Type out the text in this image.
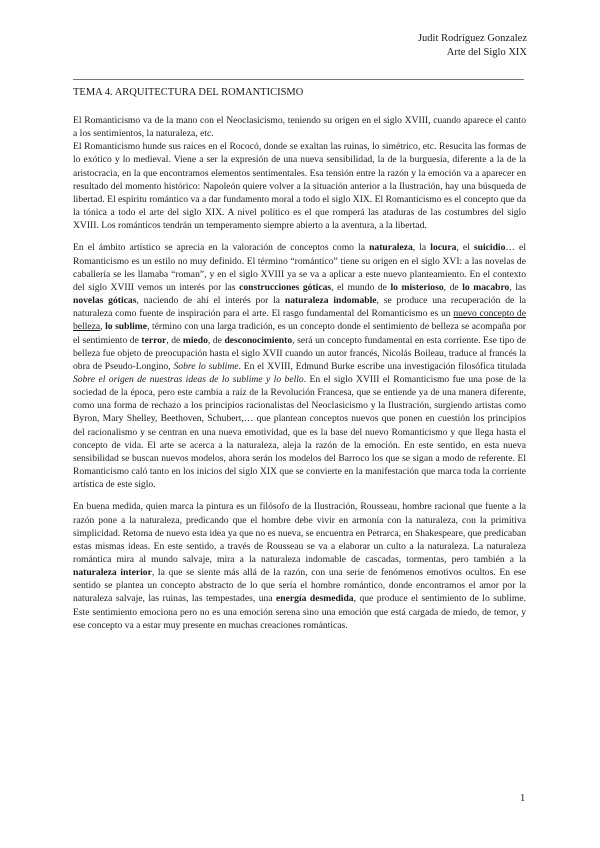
Judit Rodríguez Gonzalez
Arte del Siglo XIX
TEMA 4. ARQUITECTURA DEL ROMANTICISMO

El Romanticismo va de la mano con el Neoclasicismo, teniendo su origen en el siglo XVIII, cuando aparece el canto a los sentimientos, la naturaleza, etc.

El Romanticismo hunde sus raíces en el Rococó, donde se exaltan las ruinas, lo simétrico, etc. Resucita las formas de lo exótico y lo medieval. Viene a ser la expresión de una nueva sensibilidad, la de la burguesía, diferente a la de la aristocracia, en la que encontramos elementos sentimentales. Esa tensión entre la razón y la emoción va a aparecer en resultado del momento histórico: Napoleón quiere volver a la situación anterior a la Ilustración, hay una búsqueda de libertad. El espíritu romántico va a dar fundamento moral a todo el siglo XIX. El Romanticismo es el concepto que da la tónica a todo el arte del siglo XIX. A nivel político es el que romperá las ataduras de las costumbres del siglo XVIII. Los románticos tendrán un temperamento siempre abierto a la aventura, a la libertad.

En el ámbito artístico se aprecia en la valoración de conceptos como la naturaleza, la locura, el suicidio… el Romanticismo es un estilo no muy definido. El término “romántico” tiene su origen en el siglo XVI: a las novelas de caballería se les llamaba “roman”, y en el siglo XVIII ya se va a aplicar a este nuevo planteamiento. En el contexto del siglo XVIII vemos un interés por las construcciones góticas, el mundo de lo misterioso, de lo macabro, las novelas góticas, naciendo de ahí el interés por la naturaleza indomable, se produce una recuperación de la naturaleza como fuente de inspiración para el arte. El rasgo fundamental del Romanticismo es un nuevo concepto de belleza, lo sublime, término con una larga tradición, es un concepto donde el sentimiento de belleza se acompaña por el sentimiento de terror, de miedo, de desconocimiento, será un concepto fundamental en esta corriente. Ese tipo de belleza fue objeto de preocupación hasta el siglo XVII cuando un autor francés, Nicolás Boileau, traduce al francés la obra de Pseudo-Longino, Sobre lo sublime. En el XVIII, Edmund Burke escribe una investigación filosófica titulada Sobre el origen de nuestras ideas de lo sublime y lo bello. En el siglo XVIII el Romanticismo fue una pose de la sociedad de la época, pero este cambia a raíz de la Revolución Francesa, que se entiende ya de una manera diferente, como una forma de rechazo a los principios racionalistas del Neoclasicismo y la Ilustración, surgiendo artistas como Byron, Mary Shelley, Beethoven, Schubert,… que plantean conceptos nuevos que ponen en cuestión los principios del racionalismo y se centran en una nueva emotividad, que es la base del nuevo Romanticismo y que llega hasta el concepto de vida. El arte se acerca a la naturaleza, aleja la razón de la emoción. En este sentido, en esta nueva sensibilidad se buscan nuevos modelos, ahora serán los modelos del Barroco los que se sigan a modo de referente. El Romanticismo caló tanto en los inicios del siglo XIX que se convierte en la manifestación que marca toda la corriente artística de este siglo.

En buena medida, quien marca la pintura es un filósofo de la Ilustración, Rousseau, hombre racional que fuente a la razón pone a la naturaleza, predicando que el hombre debe vivir en armonía con la naturaleza, con la primitiva simplicidad. Retoma de nuevo esta idea ya que no es nueva, se encuentra en Petrarca, en Shakespeare, que predicaban estas mismas ideas. En este sentido, a través de Rousseau se va a elaborar un culto a la naturaleza. La naturaleza romántica mira al mundo salvaje, mira a la naturaleza indomable de cascadas, tormentas, pero también a la naturaleza interior, la que se siente más allá de la razón, con una serie de fenómenos emotivos ocultos. En ese sentido se plantea un concepto abstracto de lo que sería el hombre romántico, donde encontramos el amor por la naturaleza salvaje, las ruinas, las tempestades, una energía desmedida, que produce el sentimiento de lo sublime. Este sentimiento emociona pero no es una emoción serena sino una emoción que está cargada de miedo, de temor, y ese concepto va a estar muy presente en muchas creaciones románticas.

1
